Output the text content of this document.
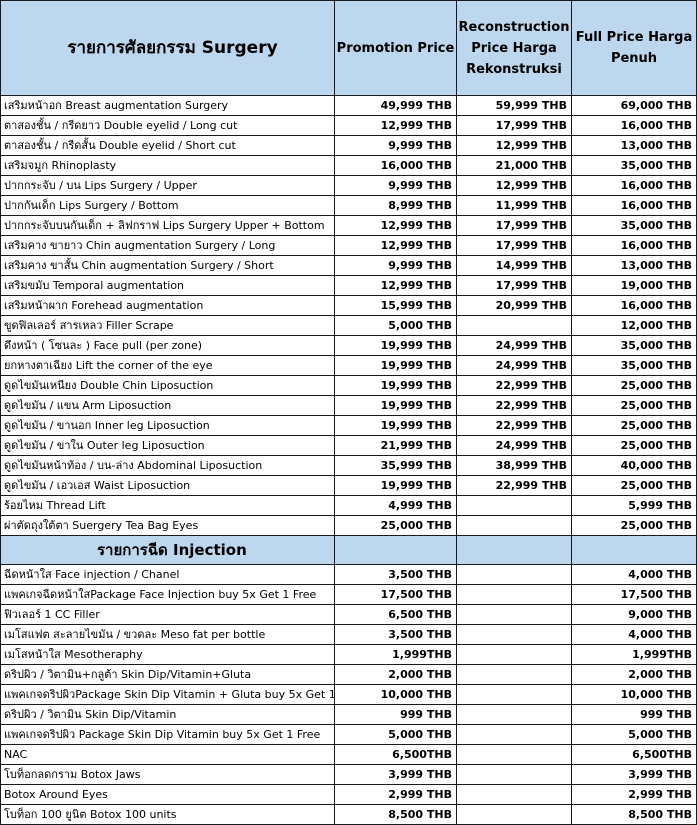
รายการศัลยกรรม Surgery	Promotion Price	Reconstruction Price Harga Rekonstruksi	Full Price Harga Penuh
เสริมหน้าอก Breast augmentation Surgery	49,999 THB	59,999 THB	69,000 THB
ตาสองชั้น / กรีดยาว Double eyelid / Long cut	12,999 THB	17,999 THB	16,000 THB
ตาสองชั้น / กรีดสั้น Double eyelid / Short cut	9,999 THB	12,999 THB	13,000 THB
เสริมจมูก Rhinoplasty	16,000 THB	21,000 THB	35,000 THB
ปากกระจับ / บน Lips Surgery / Upper	9,999 THB	12,999 THB	16,000 THB
ปากกันเด็ก Lips Surgery / Bottom	8,999 THB	11,999 THB	16,000 THB
ปากกระจับบนกันเด็ก + ลิฟกราฟ Lips Surgery Upper + Bottom	12,999 THB	17,999 THB	35,000 THB
เสริมคาง ขายาว Chin augmentation Surgery / Long	12,999 THB	17,999 THB	16,000 THB
เสริมคาง ขาสั้น Chin augmentation Surgery / Short	9,999 THB	14,999 THB	13,000 THB
เสริมขมับ Temporal augmentation	12,999 THB	17,999 THB	19,000 THB
เสริมหน้าผาก Forehead augmentation	15,999 THB	20,999 THB	16,000 THB
ขูดฟิลเลอร์ สารเหลว Filler Scrape	5,000 THB		12,000 THB
ดึงหน้า ( โซนละ ) Face pull (per zone)	19,999 THB	24,999 THB	35,000 THB
ยกหางตาเฉียง Lift the corner of the eye	19,999 THB	24,999 THB	35,000 THB
ดูดไขมันเหนียง Double Chin Liposuction	19,999 THB	22,999 THB	25,000 THB
ดูดไขมัน / แขน Arm Liposuction	19,999 THB	22,999 THB	25,000 THB
ดูดไขมัน / ขานอก Inner leg Liposuction	19,999 THB	22,999 THB	25,000 THB
ดูดไขมัน / ขาใน Outer leg Liposuction	21,999 THB	24,999 THB	25,000 THB
ดูดไขมันหน้าท้อง / บน-ล่าง Abdominal Liposuction	35,999 THB	38,999 THB	40,000 THB
ดูดไขมัน / เอวเอส Waist Liposuction	19,999 THB	22,999 THB	25,000 THB
ร้อยไหม Thread Lift	4,999 THB		5,999 THB
ผ่าตัดถุงใต้ตา Suergery Tea Bag Eyes	25,000 THB		25,000 THB
รายการฉีด Injection			
ฉีดหน้าใส Face injection / Chanel	3,500 THB		4,000 THB
แพคเกจฉีดหน้าใสPackage Face Injection buy 5x Get 1 Free	17,500 THB		17,500 THB
ฟิวเลอร์ 1 CC Filler	6,500 THB		9,000 THB
เมโสแฟต สะลายไขมัน / ขวดละ Meso fat per bottle	3,500 THB		4,000 THB
เมโสหน้าใส Mesotheraphy	1,999THB		1,999THB
ดริปผิว / วิตามิน+กลูต้า Skin Dip/Vitamin+Gluta	2,000 THB		2,000 THB
แพคเกจดริปผิวPackage Skin Dip Vitamin + Gluta buy 5x Get 1	10,000 THB		10,000 THB
ดริปผิว / วิตามิน Skin Dip/Vitamin	999 THB		999 THB
แพคเกจดริปผิว Package Skin Dip Vitamin buy 5x Get 1 Free	5,000 THB		5,000 THB
NAC	6,500THB		6,500THB
โบท็อกลดกราม Botox Jaws	3,999 THB		3,999 THB
Botox Around Eyes	2,999 THB		2,999 THB
โบท็อก 100 ยูนิต Botox 100 units	8,500 THB		8,500 THB
